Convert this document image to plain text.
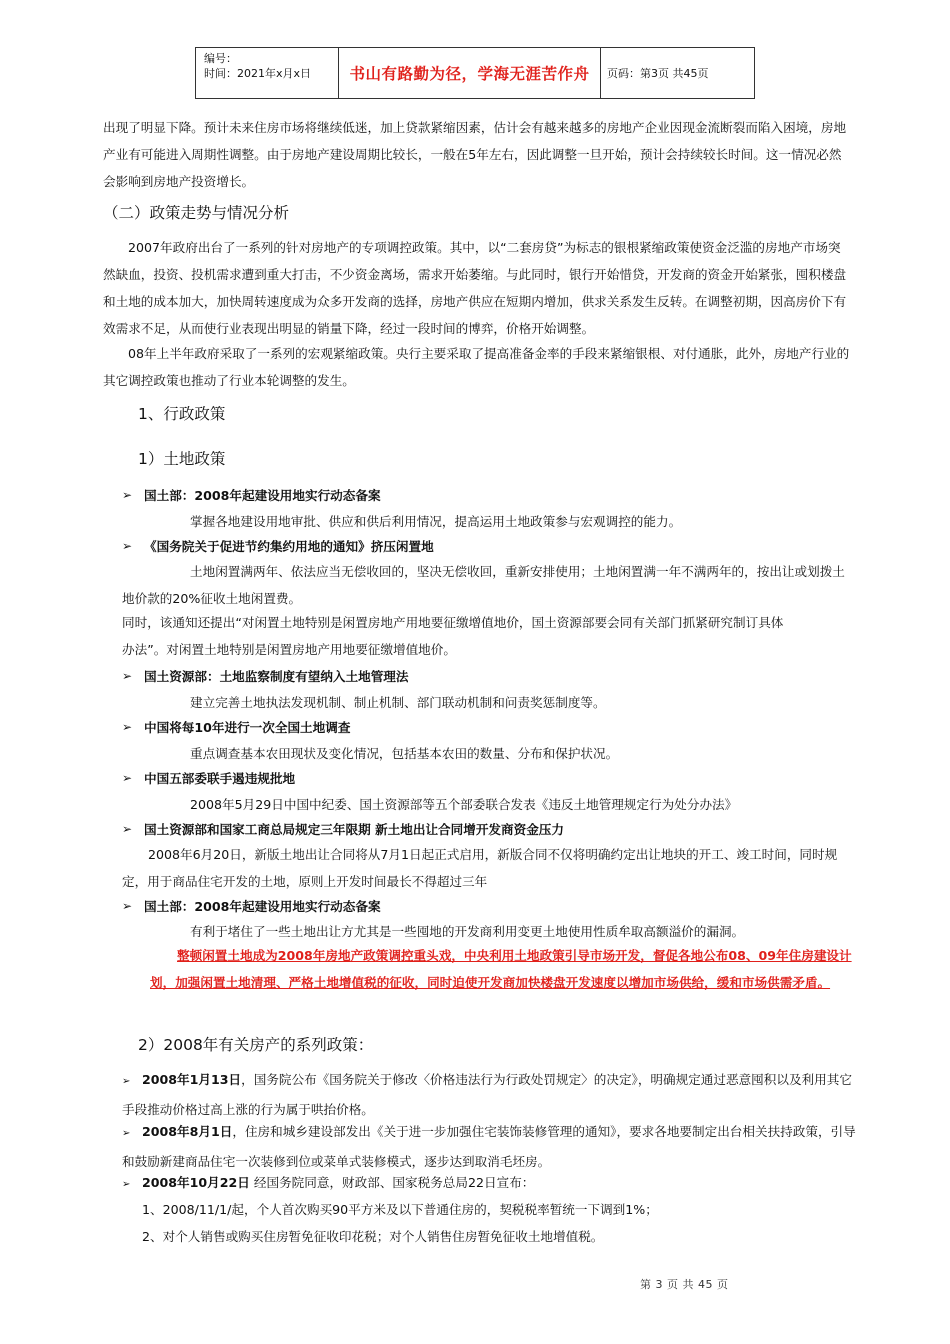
编号：
时间：2021年x月x日	书山有路勤为径，学海无涯苦作舟	页码：第3页 共45页
出现了明显下降。预计未来住房市场将继续低迷，加上贷款紧缩因素，估计会有越来越多的房地产企业因现金流断裂而陷入困境，房地产业有可能进入周期性调整。由于房地产建设周期比较长，一般在5年左右，因此调整一旦开始，预计会持续较长时间。这一情况必然会影响到房地产投资增长。
（二）政策走势与情况分析
2007年政府出台了一系列的针对房地产的专项调控政策。其中，以“二套房贷”为标志的银根紧缩政策使资金泛滥的房地产市场突然缺血，投资、投机需求遭到重大打击，不少资金离场，需求开始萎缩。与此同时，银行开始惜贷，开发商的资金开始紧张，囤积楼盘和土地的成本加大，加快周转速度成为众多开发商的选择，房地产供应在短期内增加，供求关系发生反转。在调整初期，因高房价下有效需求不足，从而使行业表现出明显的销量下降，经过一段时间的博弈，价格开始调整。
08年上半年政府采取了一系列的宏观紧缩政策。央行主要采取了提高准备金率的手段来紧缩银根、对付通胀，此外，房地产行业的其它调控政策也推动了行业本轮调整的发生。
1、行政政策
1）土地政策
➢ 国土部：2008年起建设用地实行动态备案
掌握各地建设用地审批、供应和供后利用情况，提高运用土地政策参与宏观调控的能力。
➢ 《国务院关于促进节约集约用地的通知》挤压闲置地
土地闲置满两年、依法应当无偿收回的，坚决无偿收回，重新安排使用；土地闲置满一年不满两年的，按出让或划拨土地价款的20%征收土地闲置费。
同时，该通知还提出“对闲置土地特别是闲置房地产用地要征缴增值地价，国土资源部要会同有关部门抓紧研究制订具体
办法”。对闲置土地特别是闲置房地产用地要征缴增值地价。
➢ 国土资源部：土地监察制度有望纳入土地管理法
建立完善土地执法发现机制、制止机制、部门联动机制和问责奖惩制度等。
➢ 中国将每10年进行一次全国土地调查
重点调查基本农田现状及变化情况，包括基本农田的数量、分布和保护状况。
➢ 中国五部委联手遏违规批地
2008年5月29日中国中纪委、国土资源部等五个部委联合发表《违反土地管理规定行为处分办法》
➢ 国土资源部和国家工商总局规定三年限期 新土地出让合同增开发商资金压力
2008年6月20日，新版土地出让合同将从7月1日起正式启用，新版合同不仅将明确约定出让地块的开工、竣工时间，同时规定，用于商品住宅开发的土地，原则上开发时间最长不得超过三年
➢ 国土部：2008年起建设用地实行动态备案
有利于堵住了一些土地出让方尤其是一些囤地的开发商利用变更土地使用性质牟取高额溢价的漏洞。
整顿闲置土地成为2008年房地产政策调控重头戏，中央利用土地政策引导市场开发，督促各地公布08、09年住房建设计划，加强闲置土地清理、严格土地增值税的征收，同时迫使开发商加快楼盘开发速度以增加市场供给，缓和市场供需矛盾。
2）2008年有关房产的系列政策：
➢ 2008年1月13日，国务院公布《国务院关于修改〈价格违法行为行政处罚规定〉的决定》，明确规定通过恶意囤积以及利用其它手段推动价格过高上涨的行为属于哄抬价格。
➢ 2008年8月1日，住房和城乡建设部发出《关于进一步加强住宅装饰装修管理的通知》，要求各地要制定出台相关扶持政策，引导和鼓励新建商品住宅一次装修到位或菜单式装修模式，逐步达到取消毛坯房。
➢ 2008年10月22日 经国务院同意，财政部、国家税务总局22日宣布：
1、2008/11/1/起，个人首次购买90平方米及以下普通住房的，契税税率暂统一下调到1%；
2、对个人销售或购买住房暂免征收印花税；对个人销售住房暂免征收土地增值税。
第 3 页 共 45 页
